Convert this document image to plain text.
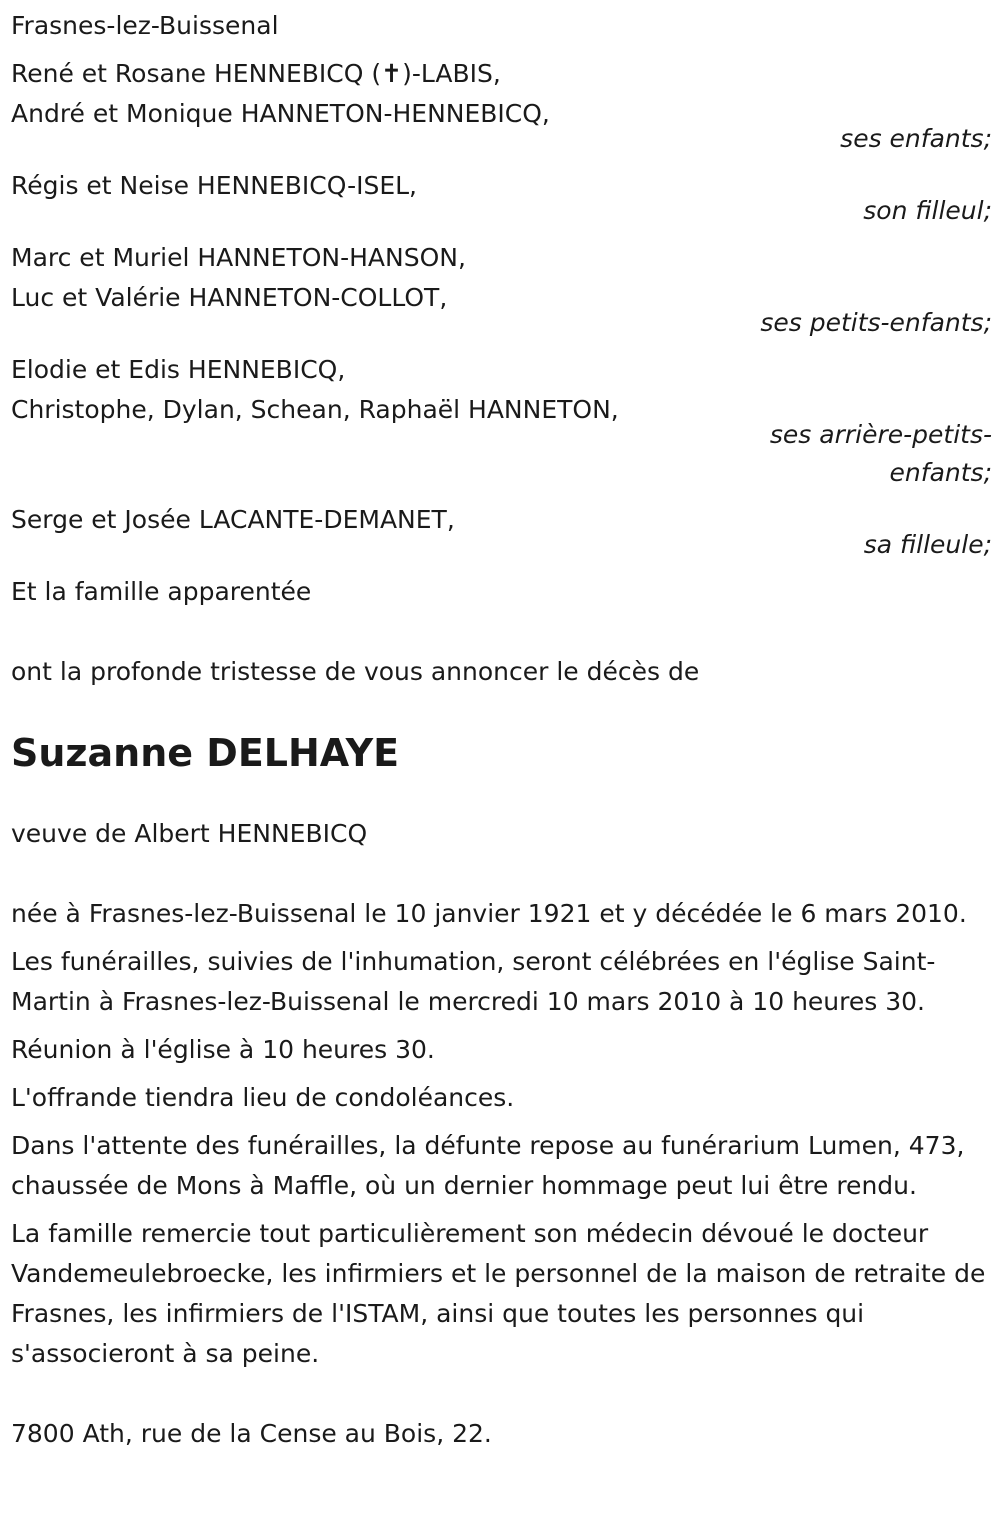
Frasnes-lez-Buissenal
René et Rosane HENNEBICQ (✝)-LABIS,
André et Monique HANNETON-HENNEBICQ,
ses enfants;
Régis et Neise HENNEBICQ-ISEL,
son filleul;
Marc et Muriel HANNETON-HANSON,
Luc et Valérie HANNETON-COLLOT,
ses petits-enfants;
Elodie et Edis HENNEBICQ,
Christophe, Dylan, Schean, Raphaël HANNETON,
ses arrière-petits-enfants;
Serge et Josée LACANTE-DEMANET,
sa filleule;
Et la famille apparentée
ont la profonde tristesse de vous annoncer le décès de
Suzanne DELHAYE
veuve de Albert HENNEBICQ
née à Frasnes-lez-Buissenal le 10 janvier 1921 et y décédée le 6 mars 2010.
Les funérailles, suivies de l'inhumation, seront célébrées en l'église Saint-Martin à Frasnes-lez-Buissenal le mercredi 10 mars 2010 à 10 heures 30.
Réunion à l'église à 10 heures 30.
L'offrande tiendra lieu de condoléances.
Dans l'attente des funérailles, la défunte repose au funérarium Lumen, 473, chaussée de Mons à Maffle, où un dernier hommage peut lui être rendu.
La famille remercie tout particulièrement son médecin dévoué le docteur Vandemeulebroecke, les infirmiers et le personnel de la maison de retraite de Frasnes, les infirmiers de l'ISTAM, ainsi que toutes les personnes qui s'associeront à sa peine.
7800 Ath, rue de la Cense au Bois, 22.
